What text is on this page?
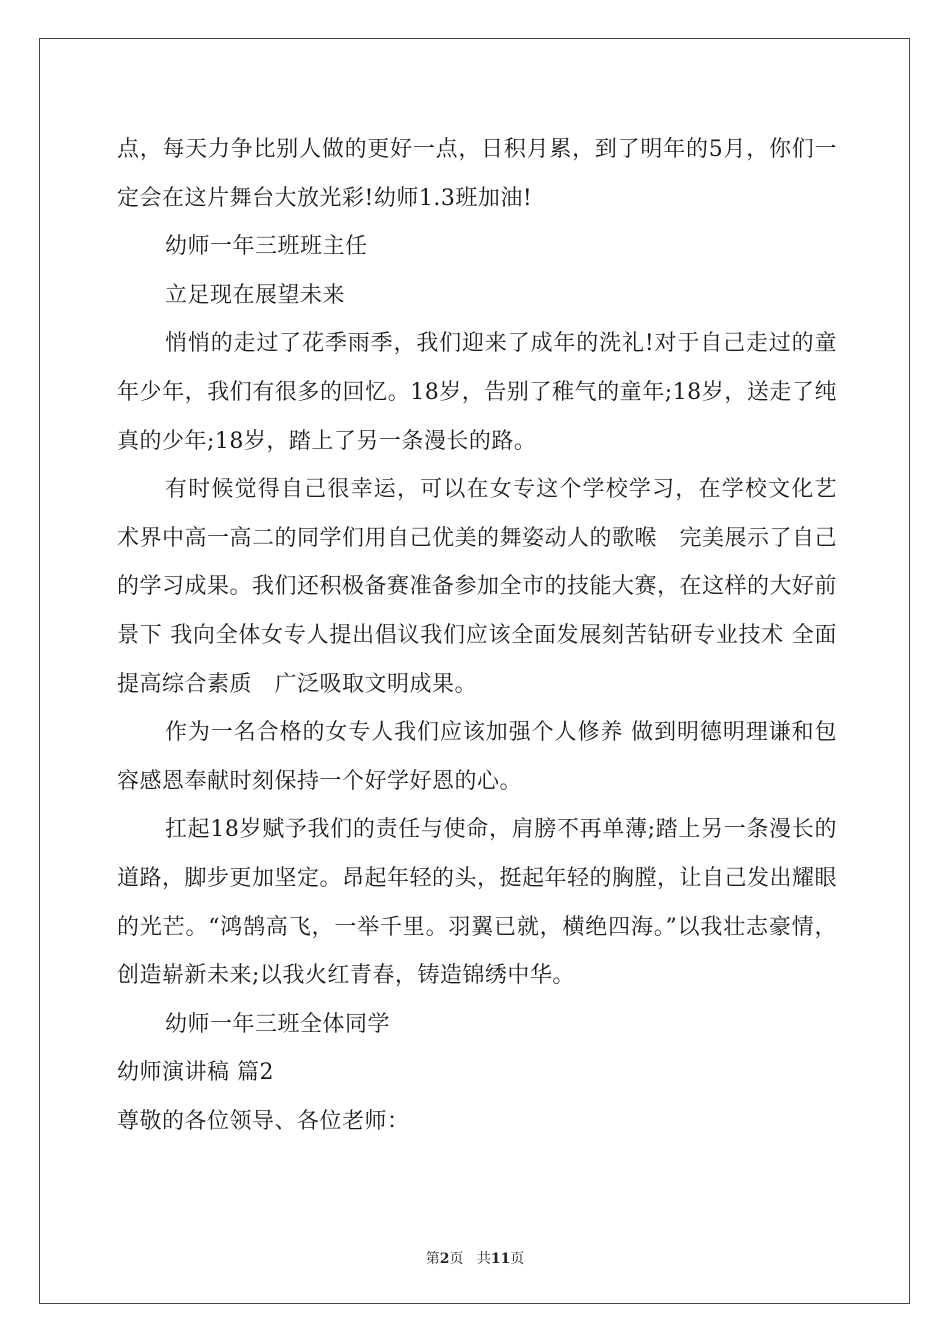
点，每天力争比别人做的更好一点，日积月累，到了明年的5月，你们一定会在这片舞台大放光彩!幼师1.3班加油!

幼师一年三班班主任

立足现在展望未来

悄悄的走过了花季雨季，我们迎来了成年的洗礼!对于自己走过的童年少年，我们有很多的回忆。18岁，告别了稚气的童年;18岁，送走了纯真的少年;18岁，踏上了另一条漫长的路。

有时候觉得自己很幸运，可以在女专这个学校学习，在学校文化艺术界中高一高二的同学们用自己优美的舞姿动人的歌喉　完美展示了自己的学习成果。我们还积极备赛准备参加全市的技能大赛，在这样的大好前景下 我向全体女专人提出倡议我们应该全面发展刻苦钻研专业技术 全面提高综合素质　广泛吸取文明成果。

作为一名合格的女专人我们应该加强个人修养 做到明德明理谦和包容感恩奉献时刻保持一个好学好恩的心。

扛起18岁赋予我们的责任与使命，肩膀不再单薄;踏上另一条漫长的道路，脚步更加坚定。昂起年轻的头，挺起年轻的胸膛，让自己发出耀眼的光芒。“鸿鹄高飞，一举千里。羽翼已就，横绝四海。”以我壮志豪情，创造崭新未来;以我火红青春，铸造锦绣中华。

幼师一年三班全体同学

幼师演讲稿 篇2

尊敬的各位领导、各位老师：

第2页 共11页
